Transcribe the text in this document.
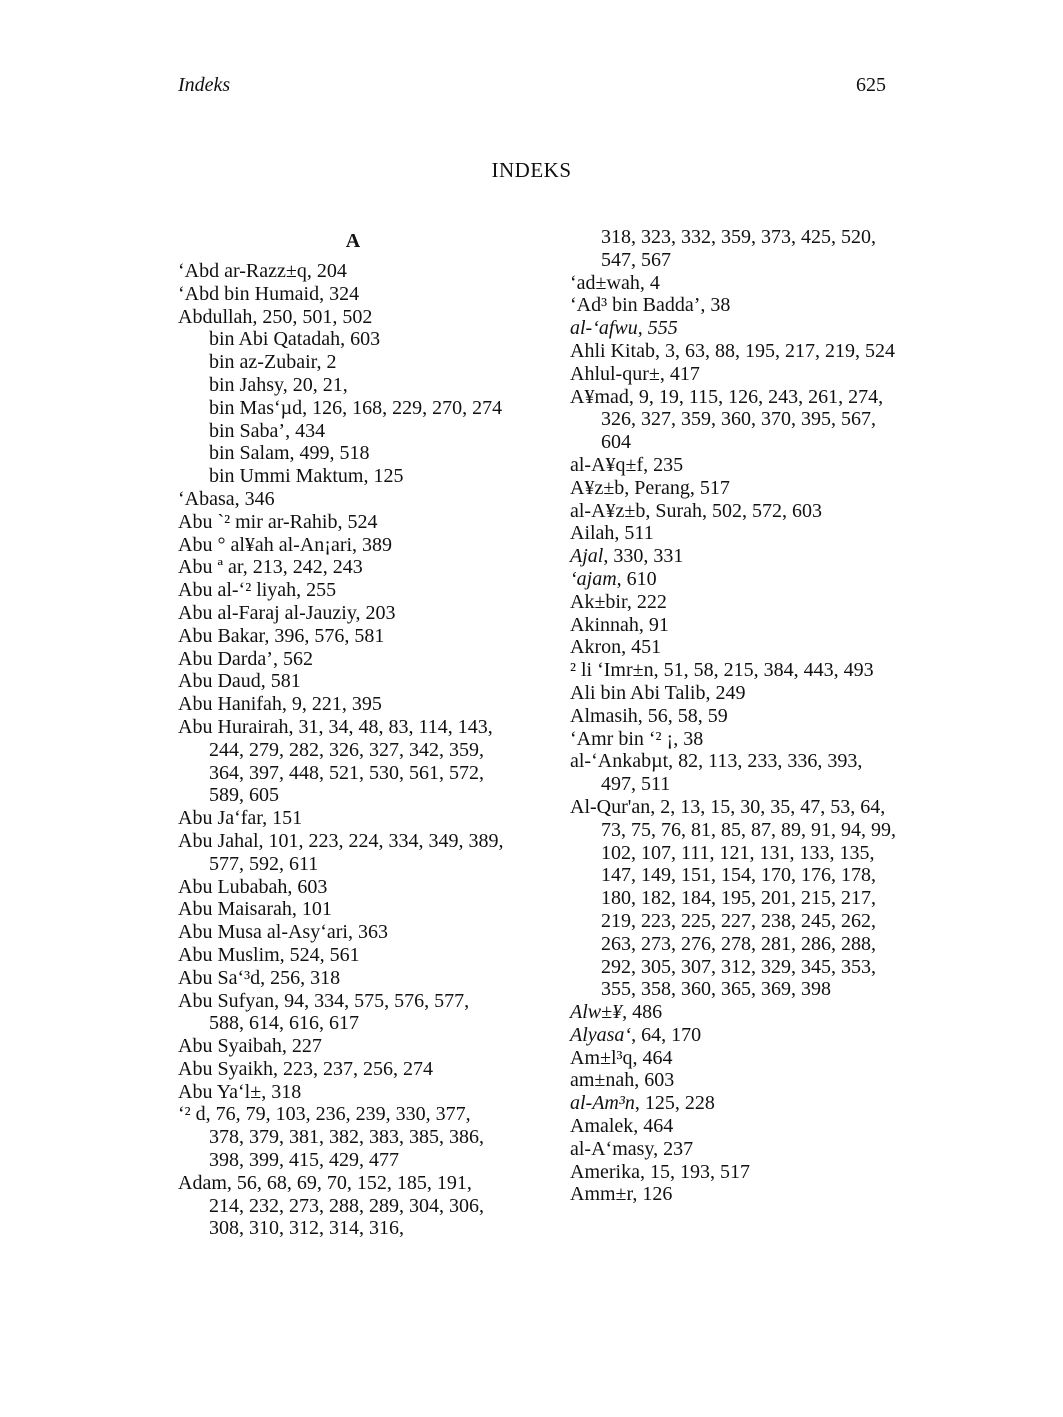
Indeks	625
INDEKS
A

‘Abd ar-Razz±q, 204

‘Abd bin Humaid, 324

Abdullah, 250, 501, 502

bin Abi Qatadah, 603

bin az-Zubair, 2

bin Jahsy, 20, 21,

bin Mas‘µd, 126, 168, 229, 270, 274

bin Saba’, 434

bin Salam, 499, 518

bin Ummi Maktum, 125

‘Abasa, 346

Abu `² mir ar-Rahib, 524

Abu ° al¥ah al-An¡ari, 389

Abu ª ar, 213, 242, 243

Abu al-‘² liyah, 255

Abu al-Faraj al-Jauziy, 203

Abu Bakar, 396, 576, 581

Abu Darda’, 562

Abu Daud, 581

Abu Hanifah, 9, 221, 395

Abu Hurairah, 31, 34, 48, 83, 114, 143, 244, 279, 282, 326, 327, 342, 359, 364, 397, 448, 521, 530, 561, 572, 589, 605

Abu Ja‘far, 151

Abu Jahal, 101, 223, 224, 334, 349, 389, 577, 592, 611

Abu Lubabah, 603

Abu Maisarah, 101

Abu Musa al-Asy‘ari, 363

Abu Muslim, 524, 561

Abu Sa‘³d, 256, 318

Abu Sufyan, 94, 334, 575, 576, 577, 588, 614, 616, 617

Abu Syaibah, 227

Abu Syaikh, 223, 237, 256, 274

Abu Ya‘l±, 318

‘² d, 76, 79, 103, 236, 239, 330, 377, 378, 379, 381, 382, 383, 385, 386, 398, 399, 415, 429, 477

Adam, 56, 68, 69, 70, 152, 185, 191, 214, 232, 273, 288, 289, 304, 306, 308, 310, 312, 314, 316,

318, 323, 332, 359, 373, 425, 520, 547, 567

‘ad±wah, 4

‘Ad³ bin Badda’, 38

al-‘afwu, 555

Ahli Kitab, 3, 63, 88, 195, 217, 219, 524

Ahlul-qur±, 417

A¥mad, 9, 19, 115, 126, 243, 261, 274, 326, 327, 359, 360, 370, 395, 567, 604

al-A¥q±f, 235

A¥z±b, Perang, 517

al-A¥z±b, Surah, 502, 572, 603

Ailah, 511

Ajal, 330, 331

‘ajam, 610

Ak±bir, 222

Akinnah, 91

Akron, 451

² li ‘Imr±n, 51, 58, 215, 384, 443, 493

Ali bin Abi Talib, 249

Almasih, 56, 58, 59

‘Amr bin ‘² ¡, 38

al-‘Ankabµt, 82, 113, 233, 336, 393, 497, 511

Al-Qur'an, 2, 13, 15, 30, 35, 47, 53, 64, 73, 75, 76, 81, 85, 87, 89, 91, 94, 99, 102, 107, 111, 121, 131, 133, 135, 147, 149, 151, 154, 170, 176, 178, 180, 182, 184, 195, 201, 215, 217, 219, 223, 225, 227, 238, 245, 262, 263, 273, 276, 278, 281, 286, 288, 292, 305, 307, 312, 329, 345, 353, 355, 358, 360, 365, 369, 398

Alw±¥, 486

Alyasa‘, 64, 170

Am±l³q, 464

am±nah, 603

al-Am³n, 125, 228

Amalek, 464

al-A‘masy, 237

Amerika, 15, 193, 517

Amm±r, 126
